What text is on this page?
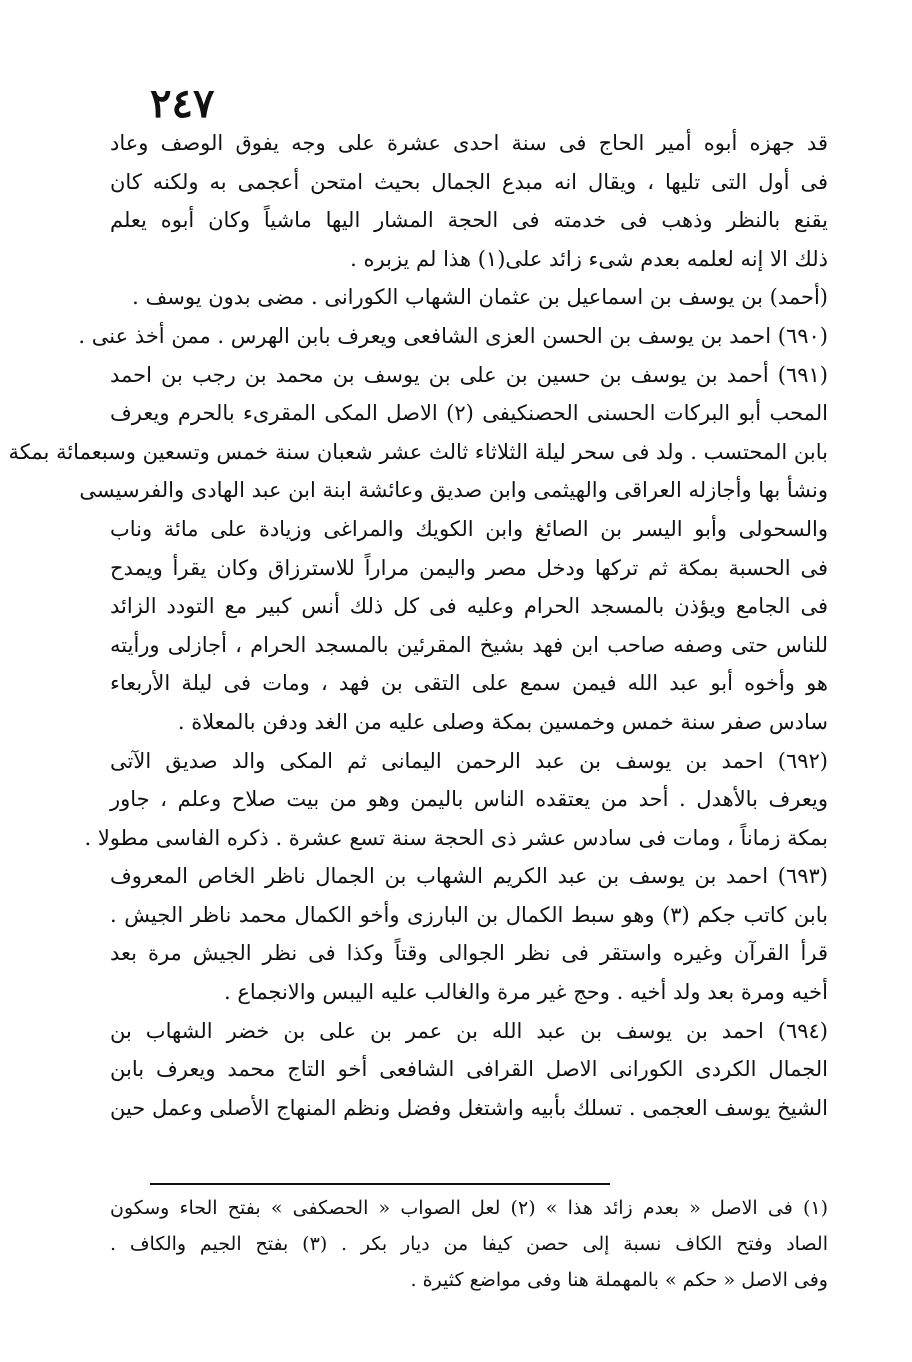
٢٤٧
قد جهزه أبوه أمير الحاج فى سنة احدى عشرة على وجه يفوق الوصف وعاد
فى أول التى تليها ، ويقال انه مبدع الجمال بحيث امتحن أعجمى به ولكنه كان
يقنع بالنظر وذهب فى خدمته فى الحجة المشار اليها ماشياً وكان أبوه يعلم
ذلك الا إنه لعلمه بعدم شىء زائد على(١) هذا لم يزبره .
(أحمد) بن يوسف بن اسماعيل بن عثمان الشهاب الكورانى . مضى بدون يوسف .
(٦٩٠) احمد بن يوسف بن الحسن العزى الشافعى ويعرف بابن الهرس . ممن أخذ عنى .
(٦٩١) أحمد بن يوسف بن حسين بن على بن يوسف بن محمد بن رجب بن احمد
المحب أبو البركات الحسنى الحصنكيفى (٢) الاصل المكى المقرىء بالحرم ويعرف
بابن المحتسب . ولد فى سحر ليلة الثلاثاء ثالث عشر شعبان سنة خمس وتسعين وسبعمائة بمكة
ونشأ بها وأجازله العراقى والهيثمى وابن صديق وعائشة ابنة ابن عبد الهادى والفرسيسى
والسحولى وأبو اليسر بن الصائغ وابن الكويك والمراغى وزيادة على مائة وناب
فى الحسبة بمكة ثم تركها ودخل مصر واليمن مراراً للاسترزاق وكان يقرأ ويمدح
فى الجامع ويؤذن بالمسجد الحرام وعليه فى كل ذلك أنس كبير مع التودد الزائد
للناس حتى وصفه صاحب ابن فهد بشيخ المقرئين بالمسجد الحرام ، أجازلى ورأيته
هو وأخوه أبو عبد الله فيمن سمع على التقى بن فهد ، ومات فى ليلة الأربعاء
سادس صفر سنة خمس وخمسين بمكة وصلى عليه من الغد ودفن بالمعلاة .
(٦٩٢) احمد بن يوسف بن عبد الرحمن اليمانى ثم المكى والد صديق الآتى
ويعرف بالأهدل . أحد من يعتقده الناس باليمن وهو من بيت صلاح وعلم ، جاور
بمكة زماناً ، ومات فى سادس عشر ذى الحجة سنة تسع عشرة . ذكره الفاسى مطولا .
(٦٩٣) احمد بن يوسف بن عبد الكريم الشهاب بن الجمال ناظر الخاص المعروف
بابن كاتب جكم (٣) وهو سبط الكمال بن البارزى وأخو الكمال محمد ناظر الجيش .
قرأ القرآن وغيره واستقر فى نظر الجوالى وقتاً وكذا فى نظر الجيش مرة بعد
أخيه ومرة بعد ولد أخيه . وحج غير مرة والغالب عليه اليبس والانجماع .
(٦٩٤) احمد بن يوسف بن عبد الله بن عمر بن على بن خضر الشهاب بن
الجمال الكردى الكورانى الاصل القرافى الشافعى أخو التاج محمد ويعرف بابن
الشيخ يوسف العجمى . تسلك بأبيه واشتغل وفضل ونظم المنهاج الأصلى وعمل حين
(١) فى الاصل « بعدم زائد هذا » (٢) لعل الصواب « الحصكفى » بفتح الحاء وسكون
الصاد وفتح الكاف نسبة إلى حصن كيفا من ديار بكر . (٣) بفتح الجيم والكاف .
وفى الاصل « حكم » بالمهملة هنا وفى مواضع كثيرة .
